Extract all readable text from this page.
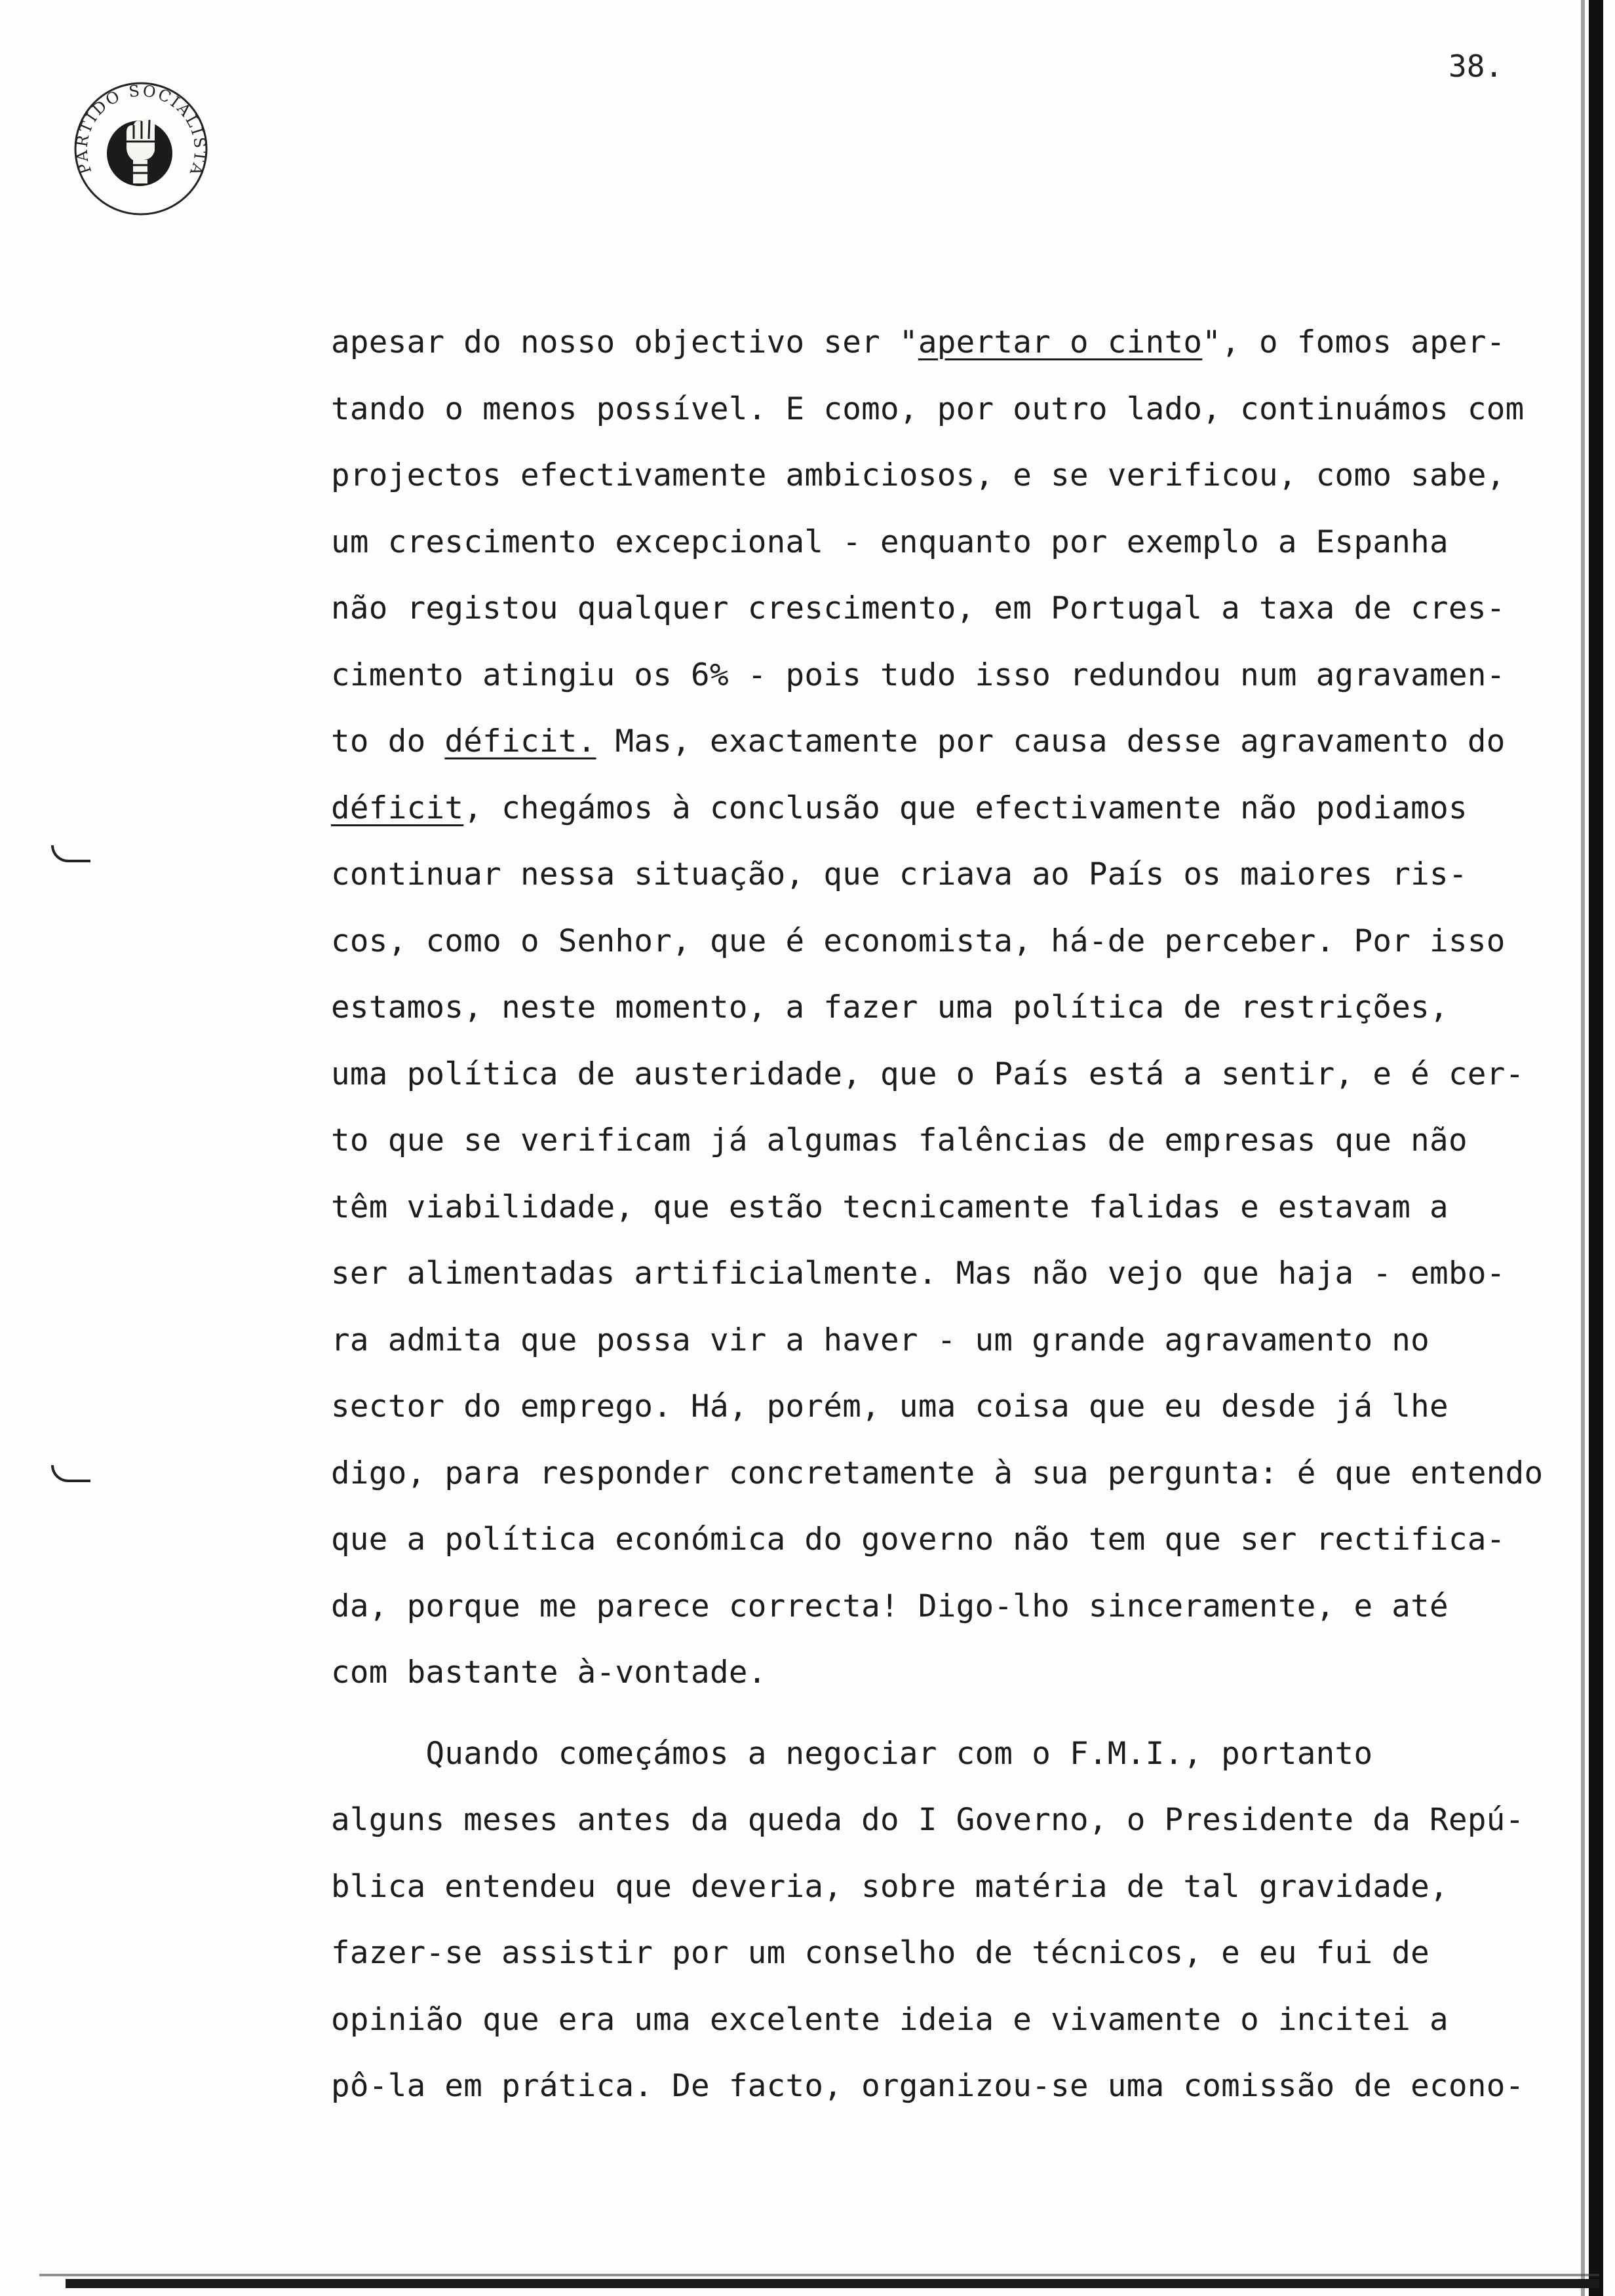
PARTIDO SOCIALISTA
38.
apesar do nosso objectivo ser "apertar o cinto", o fomos aper-
tando o menos possível. E como, por outro lado, continuámos com
projectos efectivamente ambiciosos, e se verificou, como sabe,
um crescimento excepcional - enquanto por exemplo a Espanha
não registou qualquer crescimento, em Portugal a taxa de cres-
cimento atingiu os 6% - pois tudo isso redundou num agravamen-
to do déficit. Mas, exactamente por causa desse agravamento do
déficit, chegámos à conclusão que efectivamente não podiamos
continuar nessa situação, que criava ao País os maiores ris-
cos, como o Senhor, que é economista, há-de perceber. Por isso
estamos, neste momento, a fazer uma política de restrições,
uma política de austeridade, que o País está a sentir, e é cer-
to que se verificam já algumas falências de empresas que não
têm viabilidade, que estão tecnicamente falidas e estavam a
ser alimentadas artificialmente. Mas não vejo que haja - embo-
ra admita que possa vir a haver - um grande agravamento no
sector do emprego. Há, porém, uma coisa que eu desde já lhe
digo, para responder concretamente à sua pergunta: é que entendo
que a política económica do governo não tem que ser rectifica-
da, porque me parece correcta! Digo-lho sinceramente, e até
com bastante à-vontade.
Quando começámos a negociar com o F.M.I., portanto
alguns meses antes da queda do I Governo, o Presidente da Repú-
blica entendeu que deveria, sobre matéria de tal gravidade,
fazer-se assistir por um conselho de técnicos, e eu fui de
opinião que era uma excelente ideia e vivamente o incitei a
pô-la em prática. De facto, organizou-se uma comissão de econo-
